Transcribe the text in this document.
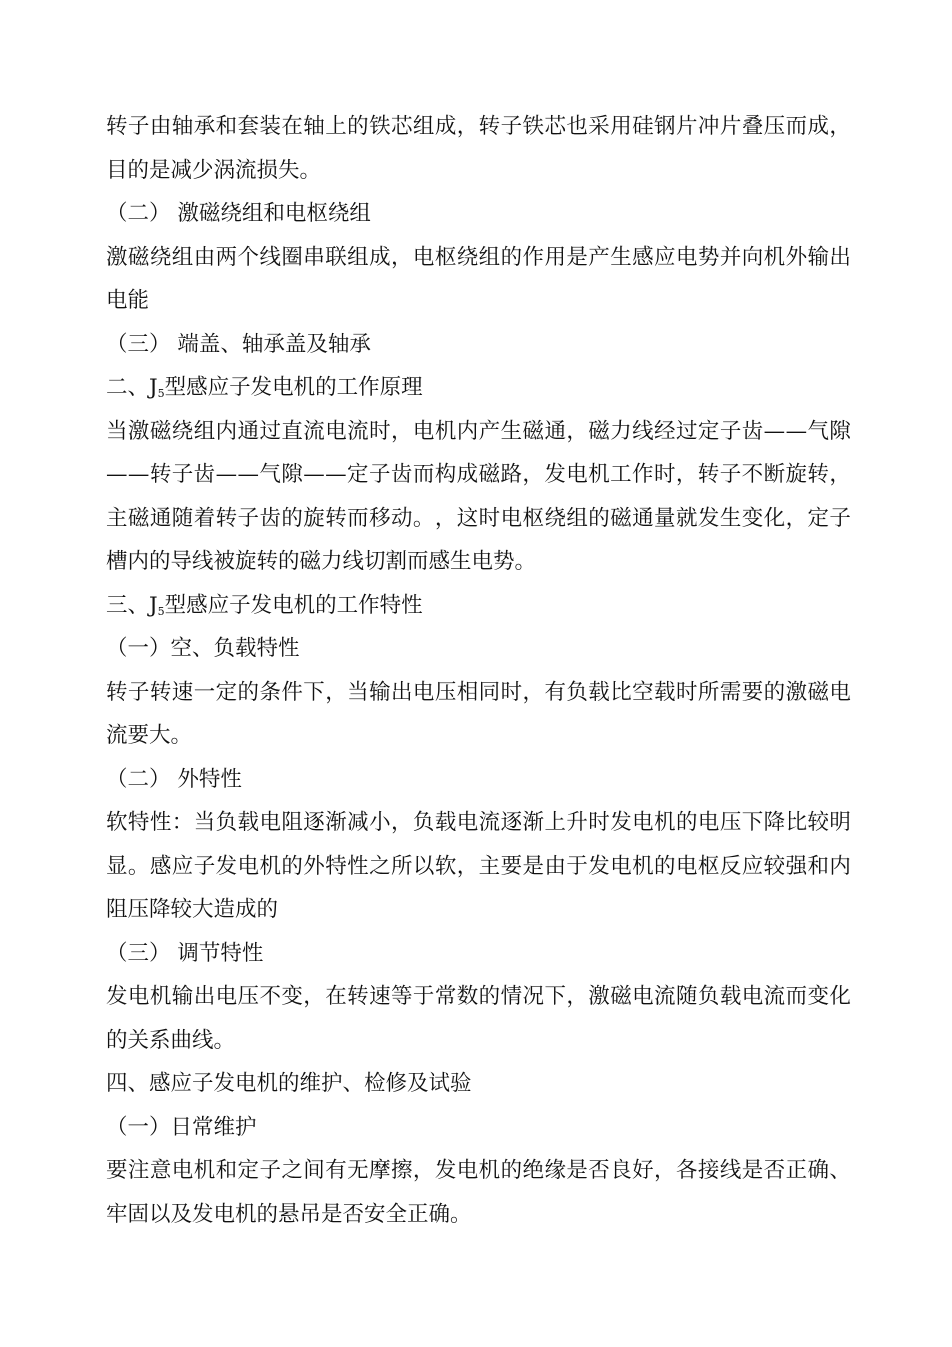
转 子 由 轴 承 和 套 装 在 轴 上 的 铁 芯 组 成 ， 转 子 铁 芯 也 采 用 硅 钢 片 冲 片 叠 压 而 成 ，
目的是减少涡流损失。
（二） 激磁绕组和电枢绕组
激 磁 绕 组 由 两 个 线 圈 串 联 组 成 ， 电 枢 绕 组 的 作 用 是 产 生 感 应 电 势 并 向 机 外 输 出
电能
（三） 端盖、轴承盖及轴承
二、$J_5$型感应子发电机的工作原理
当 激 磁 绕 组 内 通 过 直 流 电 流 时 ， 电 机 内 产 生 磁 通 ， 磁 力 线 经 过 定 子 齿 — — 气 隙
— — 转 子 齿 — — 气 隙 — — 定 子 齿 而 构 成 磁 路 ， 发 电 机 工 作 时 ， 转 子 不 断 旋 转 ，
主 磁 通 随 着 转 子 齿 的 旋 转 而 移 动 。 ， 这 时 电 枢 绕 组 的 磁 通 量 就 发 生 变 化 ， 定 子
槽内的导线被旋转的磁力线切割而感生电势。
三、$J_5$型感应子发电机的工作特性
（一）空、负载特性
转 子 转 速 一 定 的 条 件 下 ， 当 输 出 电 压 相 同 时 ， 有 负 载 比 空 载 时 所 需 要 的 激 磁 电
流要大。
（二） 外特性
软 特 性 ： 当 负 载 电 阻 逐 渐 减 小 ， 负 载 电 流 逐 渐 上 升 时 发 电 机 的 电 压 下 降 比 较 明
显 。 感 应 子 发 电 机 的 外 特 性 之 所 以 软 ， 主 要 是 由 于 发 电 机 的 电 枢 反 应 较 强 和 内
阻压降较大造成的
（三） 调节特性
发 电 机 输 出 电 压 不 变 ， 在 转 速 等 于 常 数 的 情 况 下 ， 激 磁 电 流 随 负 载 电 流 而 变 化
的关系曲线。
四、感应子发电机的维护、检修及试验
（一）日常维护
要 注 意 电 机 和 定 子 之 间 有 无 摩 擦 ， 发 电 机 的 绝 缘 是 否 良 好 ， 各 接 线 是 否 正 确 、
牢固以及发电机的悬吊是否安全正确。
